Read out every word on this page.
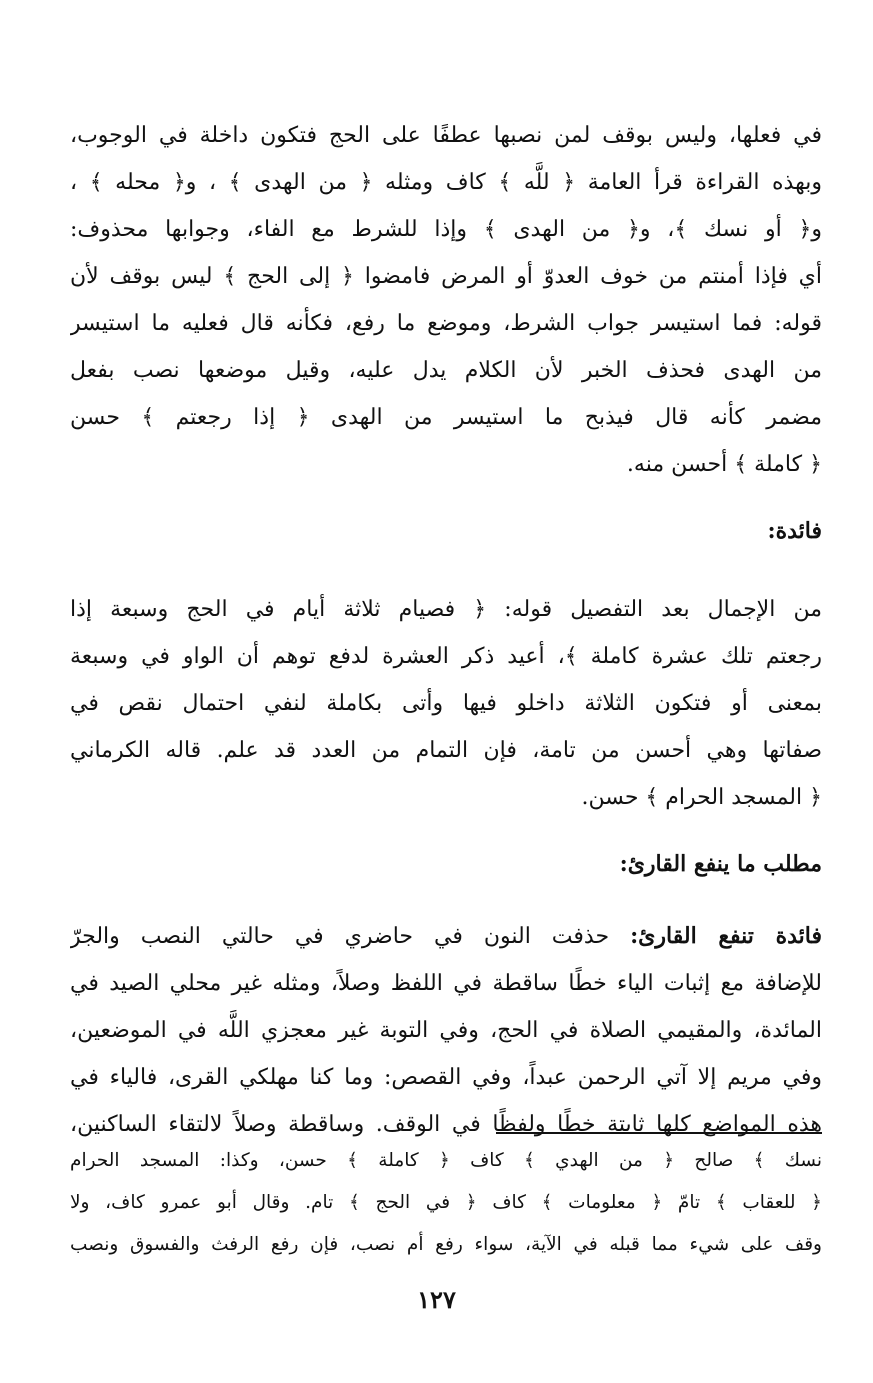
في فعلها، وليس بوقف لمن نصبها عطفًا على الحج فتكون داخلة في الوجوب،
وبهذه القراءة قرأ العامة ﴿ للَّه ﴾ كاف ومثله ﴿ من الهدى ﴾ ، و﴿ محله ﴾ ،
و﴿ أو نسك ﴾، و﴿ من الهدى ﴾ وإذا للشرط مع الفاء، وجوابها محذوف:
أي فإذا أمنتم من خوف العدوّ أو المرض فامضوا ﴿ إلى الحج ﴾ ليس بوقف لأن
قوله: فما استيسر جواب الشرط، وموضع ما رفع، فكأنه قال فعليه ما استيسر
من الهدى فحذف الخبر لأن الكلام يدل عليه، وقيل موضعها نصب بفعل
مضمر كأنه قال فيذبح ما استيسر من الهدى ﴿ إذا رجعتم ﴾ حسن
﴿ كاملة ﴾ أحسن منه.
فائدة:
من الإجمال بعد التفصيل قوله: ﴿ فصيام ثلاثة أيام في الحج وسبعة إذا
رجعتم تلك عشرة كاملة ﴾، أعيد ذكر العشرة لدفع توهم أن الواو في وسبعة
بمعنى أو فتكون الثلاثة داخلو فيها وأتى بكاملة لنفي احتمال نقص في
صفاتها وهي أحسن من تامة، فإن التمام من العدد قد علم. قاله الكرماني
﴿ المسجد الحرام ﴾ حسن.
مطلب ما ينفع القارئ:
فائدة تنفع القارئ: حذفت النون في حاضري في حالتي النصب والجرّ
للإضافة مع إثبات الياء خطًا ساقطة في اللفظ وصلاً، ومثله غير محلي الصيد في
المائدة، والمقيمي الصلاة في الحج، وفي التوبة غير معجزي اللَّه في الموضعين،
وفي مريم إلا آتي الرحمن عبداً، وفي القصص: وما كنا مهلكي القرى، فالياء في
هذه المواضع كلها ثابتة خطًا ولفظًا في الوقف. وساقطة وصلاً لالتقاء الساكنين،
نسك ﴾ صالح ﴿ من الهدي ﴾ كاف ﴿ كاملة ﴾ حسن، وكذا: المسجد الحرام
﴿ للعقاب ﴾ تامّ ﴿ معلومات ﴾ كاف ﴿ في الحج ﴾ تام. وقال أبو عمرو كاف، ولا
وقف على شيء مما قبله في الآية، سواء رفع أم نصب، فإن رفع الرفث والفسوق ونصب
١٢٧
